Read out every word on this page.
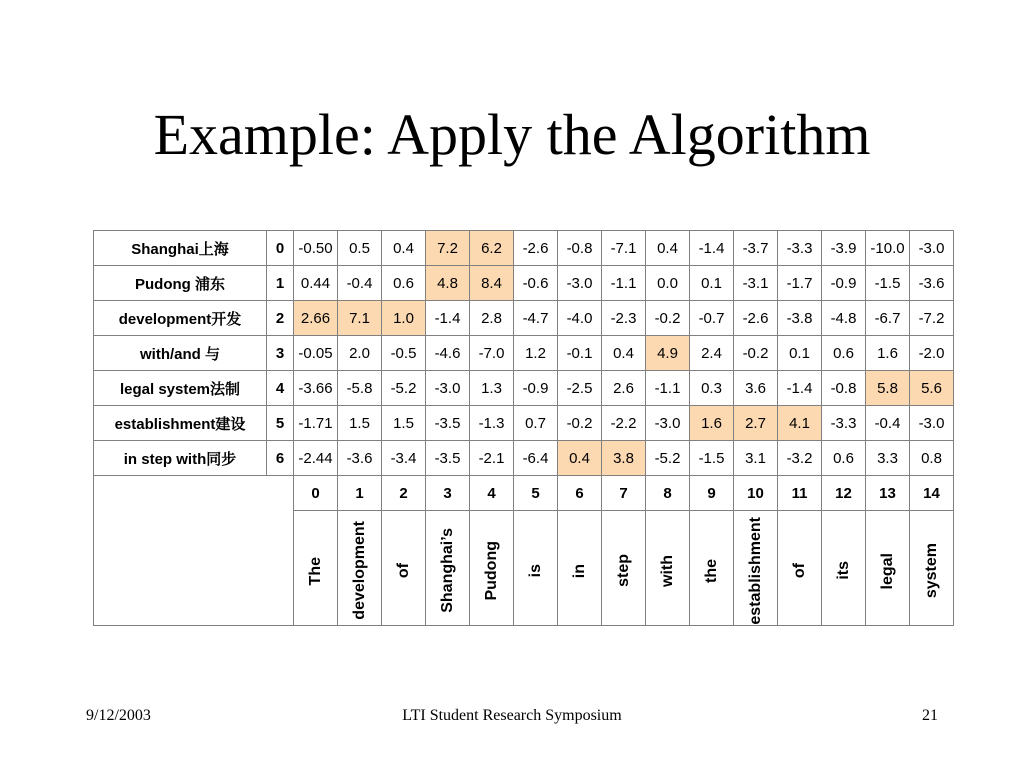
Example: Apply the Algorithm
Shanghai上海	0	-0.50	0.5	0.4	7.2	6.2	-2.6	-0.8	-7.1	0.4	-1.4	-3.7	-3.3	-3.9	-10.0	-3.0
Pudong 浦东	1	0.44	-0.4	0.6	4.8	8.4	-0.6	-3.0	-1.1	0.0	0.1	-3.1	-1.7	-0.9	-1.5	-3.6
development开发	2	2.66	7.1	1.0	-1.4	2.8	-4.7	-4.0	-2.3	-0.2	-0.7	-2.6	-3.8	-4.8	-6.7	-7.2
with/and 与	3	-0.05	2.0	-0.5	-4.6	-7.0	1.2	-0.1	0.4	4.9	2.4	-0.2	0.1	0.6	1.6	-2.0
legal system法制	4	-3.66	-5.8	-5.2	-3.0	1.3	-0.9	-2.5	2.6	-1.1	0.3	3.6	-1.4	-0.8	5.8	5.6
establishment建设	5	-1.71	1.5	1.5	-3.5	-1.3	0.7	-0.2	-2.2	-3.0	1.6	2.7	4.1	-3.3	-0.4	-3.0
in step with同步	6	-2.44	-3.6	-3.4	-3.5	-2.1	-6.4	0.4	3.8	-5.2	-1.5	3.1	-3.2	0.6	3.3	0.8
		0	1	2	3	4	5	6	7	8	9	10	11	12	13	14

		The	development	of	Shanghai’s	Pudong	is	in	step	with	the	establishment	of	its	legal	system
9/12/2003	LTI Student Research Symposium	21
